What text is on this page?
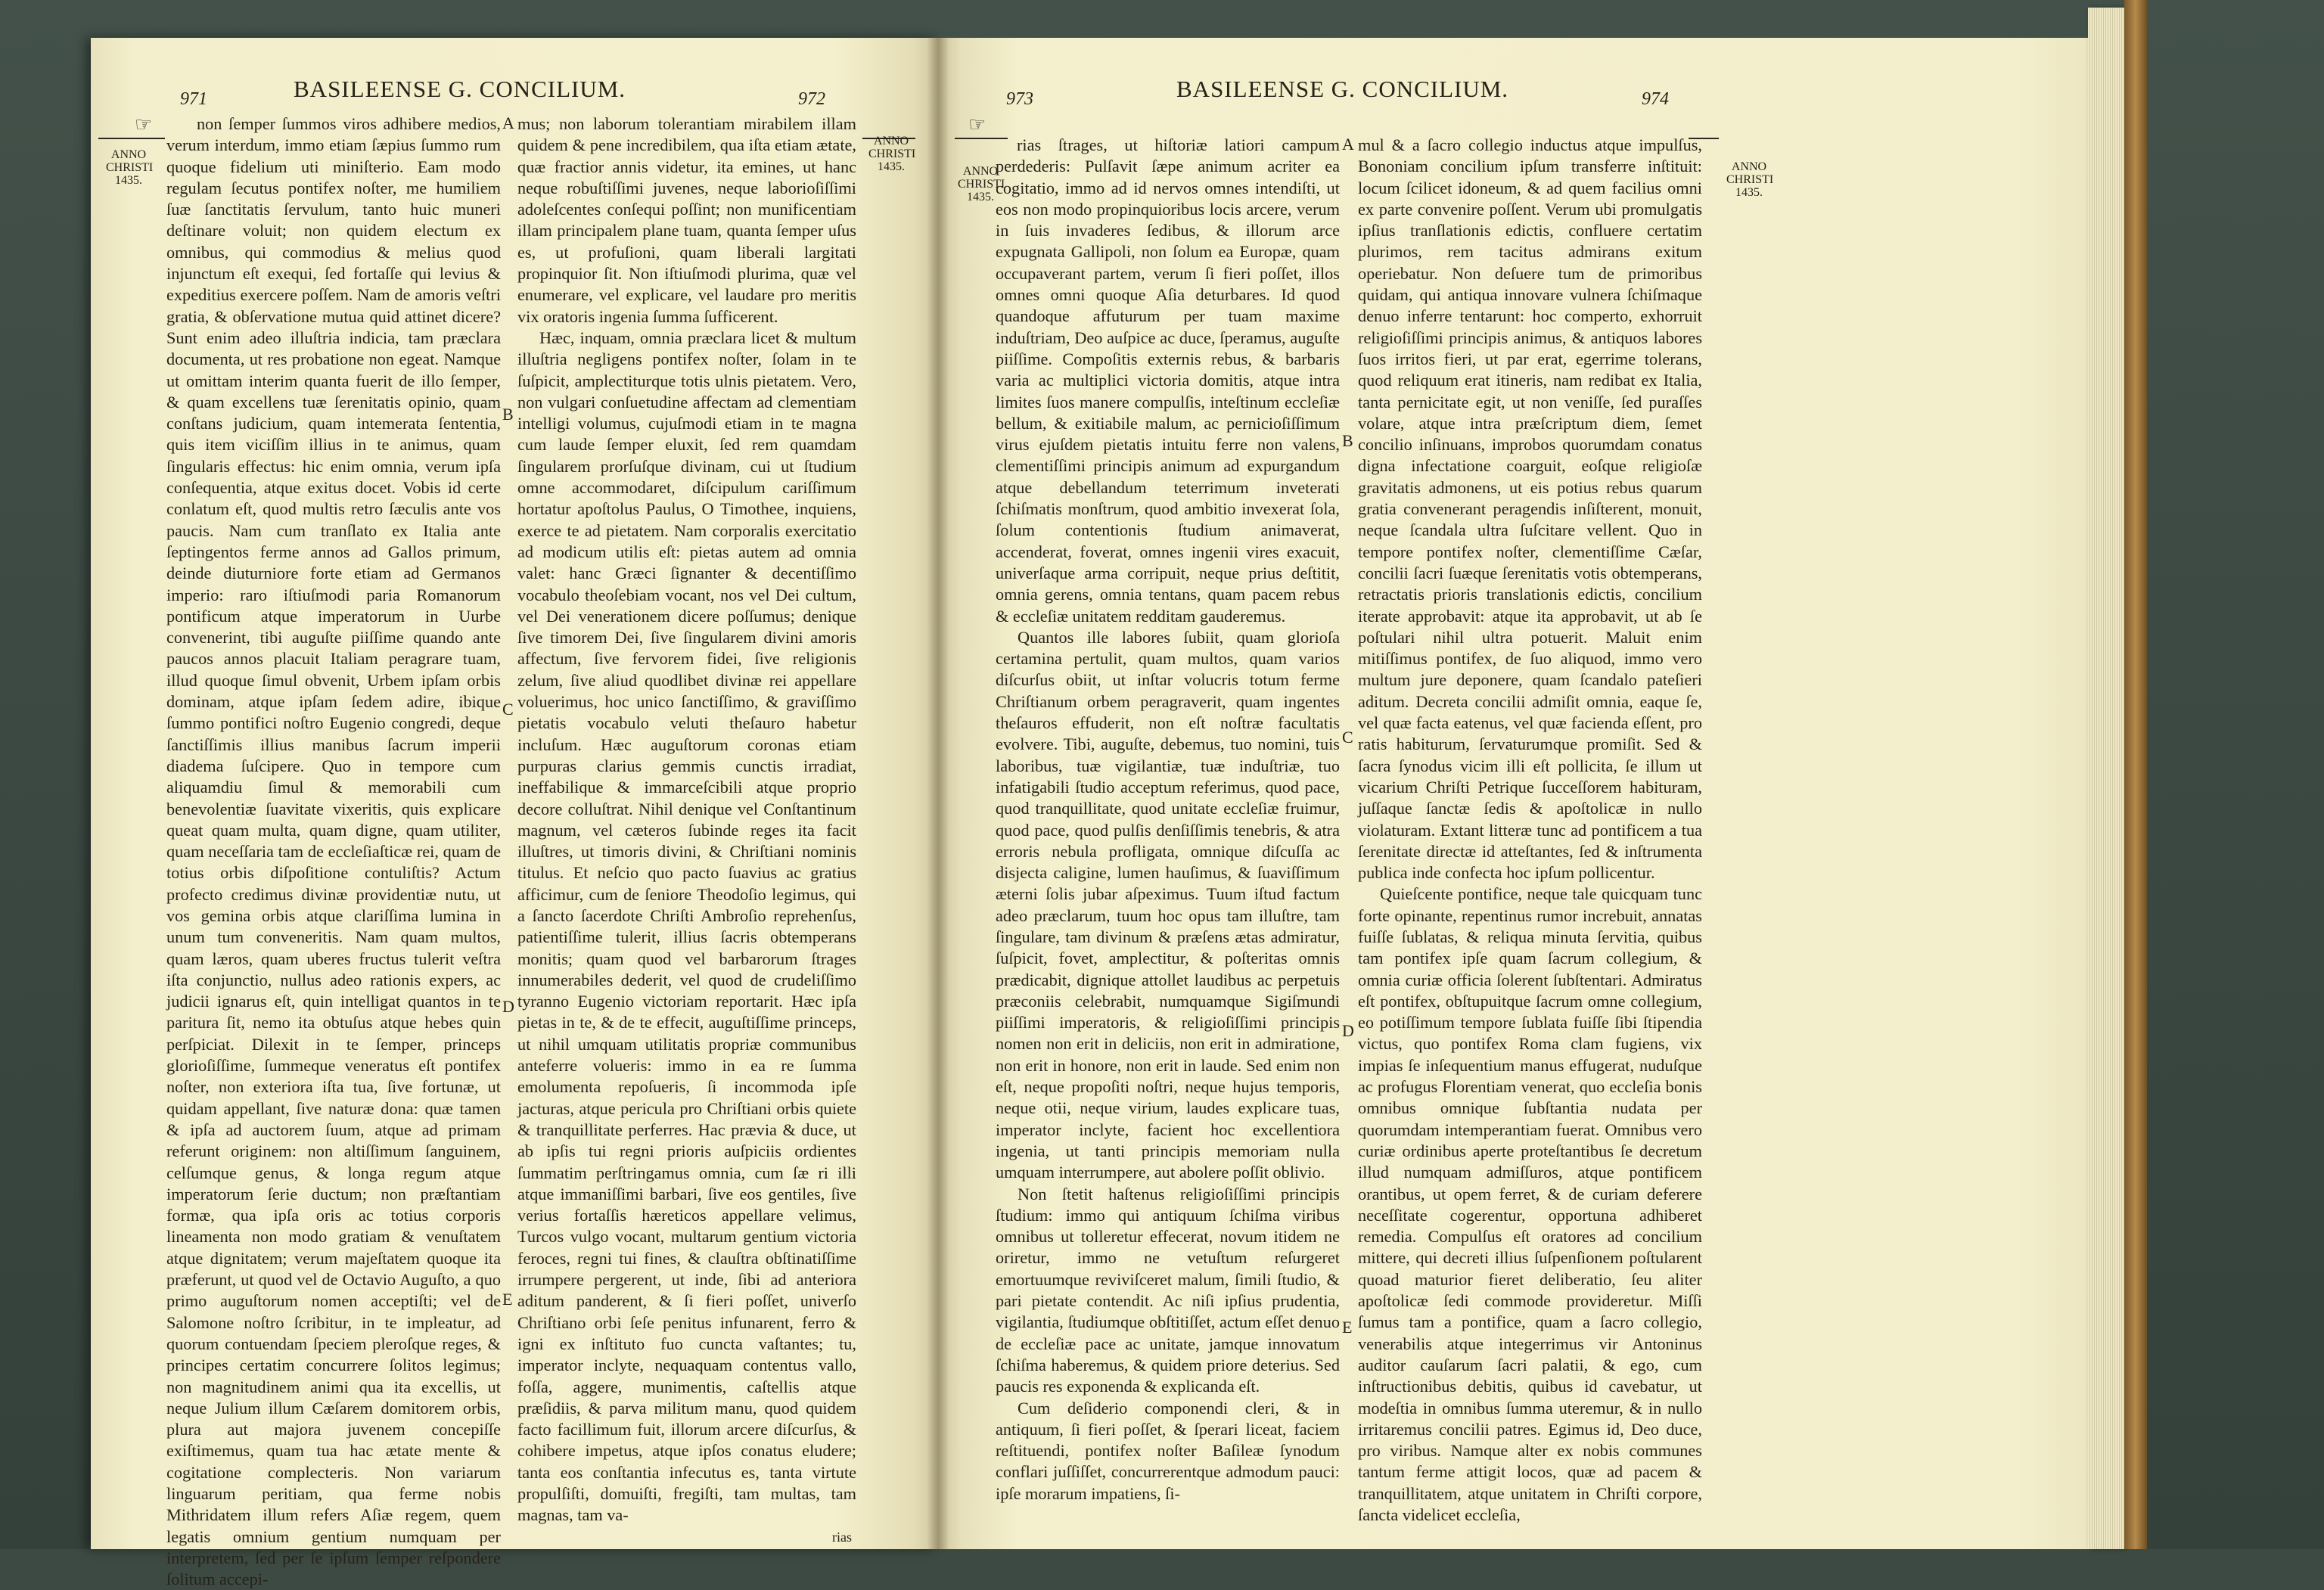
BASILEENSE G. CONCILIUM.
971	972
☞
ANNO
CHRISTI
1435.
ANNO
CHRISTI
1435.

non ſemper ſummos viros adhibere medios, verum interdum, immo etiam ſæpius ſummo rum quoque fidelium uti miniſterio. Eam modo regulam ſecutus pontifex noſter, me humiliem ſuæ ſanctitatis ſervulum, tanto huic muneri deſtinare voluit; non quidem electum ex omnibus, qui commodius & melius quod injunctum eſt exequi, ſed fortaſſe qui levius & expeditius exercere poſſem. Nam de amoris veſtri gratia, & obſervatione mutua quid attinet dicere? Sunt enim adeo illuſtria indicia, tam præclara documenta, ut res probatione non egeat. Namque ut omittam interim quanta fuerit de illo ſemper, & quam excellens tuæ ſerenitatis opinio, quam conſtans judicium, quam intemerata ſententia, quis item viciſſim illius in te animus, quam ſingularis effectus: hic enim omnia, verum ipſa conſequentia, atque exitus docet. Vobis id certe conlatum eſt, quod multis retro ſæculis ante vos paucis. Nam cum tranſlato ex Italia ante ſeptingentos ferme annos ad Gallos primum, deinde diuturniore forte etiam ad Germanos imperio: raro iſtiuſmodi paria Romanorum pontificum atque imperatorum in Uurbe convenerint, tibi auguſte piiſſime quando ante paucos annos placuit Italiam peragrare tuam, illud quoque ſimul obvenit, Urbem ipſam orbis dominam, atque ipſam ſedem adire, ibique ſummo pontifici noſtro Eugenio congredi, deque ſanctiſſimis illius manibus ſacrum imperii diadema ſuſcipere. Quo in tempore cum aliquamdiu ſimul & memorabili cum benevolentiæ ſuavitate vixeritis, quis explicare queat quam multa, quam digne, quam utiliter, quam neceſſaria tam de eccleſiaſticæ rei, quam de totius orbis diſpoſitione contuliſtis? Actum profecto credimus divinæ providentiæ nutu, ut vos gemina orbis atque clariſſima lumina in unum tum conveneritis. Nam quam multos, quam læros, quam uberes fructus tulerit veſtra iſta conjunctio, nullus adeo rationis expers, ac judicii ignarus eſt, quin intelligat quantos in te paritura ſit, nemo ita obtuſus atque hebes quin perſpiciat. Dilexit in te ſemper, princeps glorioſiſſime, ſummeque veneratus eſt pontifex noſter, non exteriora iſta tua, ſive fortunæ, ut quidam appellant, ſive naturæ dona: quæ tamen & ipſa ad auctorem ſuum, atque ad primam referunt originem: non altiſſimum ſanguinem, celſumque genus, & longa regum atque imperatorum ſerie ductum; non præſtantiam formæ, qua ipſa oris ac totius corporis lineamenta non modo gratiam & venuſtatem atque dignitatem; verum majeſtatem quoque ita præferunt, ut quod vel de Octavio Auguſto, a quo primo auguſtorum nomen acceptiſti; vel de Salomone noſtro ſcribitur, in te impleatur, ad quorum contuendam ſpeciem pleroſque reges, & principes certatim concurrere ſolitos legimus; non magnitudinem animi qua ita excellis, ut neque Julium illum Cæſarem domitorem orbis, plura aut majora juvenem concepiſſe exiſtimemus, quam tua hac ætate mente & cogitatione complecteris. Non variarum linguarum peritiam, qua ferme nobis Mithridatem illum refers Aſiæ regem, quem legatis omnium gentium numquam per interpretem, ſed per ſe ipſum ſemper reſpondere ſolitum accepi-

mus; non laborum tolerantiam mirabilem illam quidem & pene incredibilem, qua iſta etiam ætate, quæ fractior annis videtur, ita emines, ut hanc neque robuſtiſſimi juvenes, neque laborioſiſſimi adoleſcentes conſequi poſſint; non munificentiam illam principalem plane tuam, quanta ſemper uſus es, ut profuſioni, quam liberali largitati propinquior ſit. Non iſtiuſmodi plurima, quæ vel enumerare, vel explicare, vel laudare pro meritis vix oratoris ingenia ſumma ſufficerent.

Hæc, inquam, omnia præclara licet & multum illuſtria negligens pontifex noſter, ſolam in te ſuſpicit, amplectiturque totis ulnis pietatem. Vero, non vulgari conſuetudine affectam ad clementiam intelligi volumus, cujuſmodi etiam in te magna cum laude ſemper eluxit, ſed rem quamdam ſingularem prorſuſque divinam, cui ut ſtudium omne accommodaret, diſcipulum cariſſimum hortatur apoſtolus Paulus, O Timothee, inquiens, exerce te ad pietatem. Nam corporalis exercitatio ad modicum utilis eſt: pietas autem ad omnia valet: hanc Græci ſignanter & decentiſſimo vocabulo theoſebiam vocant, nos vel Dei cultum, vel Dei venerationem dicere poſſumus; denique ſive timorem Dei, ſive ſingularem divini amoris affectum, ſive fervorem fidei, ſive religionis zelum, ſive aliud quodlibet divinæ rei appellare voluerimus, hoc unico ſanctiſſimo, & graviſſimo pietatis vocabulo veluti theſauro habetur incluſum. Hæc auguſtorum coronas etiam purpuras clarius gemmis cunctis irradiat, ineffabilique & immarceſcibili atque proprio decore colluſtrat. Nihil denique vel Conſtantinum magnum, vel cæteros ſubinde reges ita facit illuſtres, ut timoris divini, & Chriſtiani nominis titulus. Et neſcio quo pacto ſuavius ac gratius afficimur, cum de ſeniore Theodoſio legimus, qui a ſancto ſacerdote Chriſti Ambroſio reprehenſus, patientiſſime tulerit, illius ſacris obtemperans monitis; quam quod vel barbarorum ſtrages innumerabiles dederit, vel quod de crudeliſſimo tyranno Eugenio victoriam reportarit. Hæc ipſa pietas in te, & de te effecit, auguſtiſſime princeps, ut nihil umquam utilitatis propriæ communibus anteferre volueris: immo in ea re ſumma emolumenta repoſueris, ſi incommoda ipſe jacturas, atque pericula pro Chriſtiani orbis quiete & tranquillitate perferres. Hac prævia & duce, ut ab ipſis tui regni prioris auſpiciis ordientes ſummatim perſtringamus omnia, cum ſæ ri illi atque immaniſſimi barbari, ſive eos gentiles, ſive verius fortaſſis hæreticos appellare velimus, Turcos vulgo vocant, multarum gentium victoria feroces, regni tui fines, & clauſtra obſtinatiſſime irrumpere pergerent, ut inde, ſibi ad anteriora aditum panderent, & ſi fieri poſſet, univerſo Chriſtiano orbi ſeſe penitus infunarent, ferro & igni ex inſtituto fuo cuncta vaſtantes; tu, imperator inclyte, nequaquam contentus vallo, foſſa, aggere, munimentis, caſtellis atque præſidiis, & parva militum manu, quod quidem facto facillimum fuit, illorum arcere diſcurſus, & cohibere impetus, atque ipſos conatus eludere; tanta eos conſtantia infecutus es, tanta virtute propulſiſti, domuiſti, fregiſti, tam multas, tam magnas, tam va-

rias
A
B
C
D
E
BASILEENSE G. CONCILIUM.
973	974
☞
ANNO
CHRISTI
1435.
ANNO
CHRISTI
1435.

rias ſtrages, ut hiſtoriæ latiori campum perdederis: Pulſavit ſæpe animum acriter ea cogitatio, immo ad id nervos omnes intendiſti, ut eos non modo propinquioribus locis arcere, verum in ſuis invaderes ſedibus, & illorum arce expugnata Gallipoli, non ſolum ea Europæ, quam occupaverant partem, verum ſi fieri poſſet, illos omnes omni quoque Aſia deturbares. Id quod quandoque affuturum per tuam maxime induſtriam, Deo auſpice ac duce, ſperamus, auguſte piiſſime. Compoſitis externis rebus, & barbaris varia ac multiplici victoria domitis, atque intra limites ſuos manere compulſis, inteſtinum eccleſiæ bellum, & exitiabile malum, ac pernicioſiſſimum virus ejuſdem pietatis intuitu ferre non valens, clementiſſimi principis animum ad expurgandum atque debellandum teterrimum inveterati ſchiſmatis monſtrum, quod ambitio invexerat ſola, ſolum contentionis ſtudium animaverat, accenderat, foverat, omnes ingenii vires exacuit, univerſaque arma corripuit, neque prius deſtitit, omnia gerens, omnia tentans, quam pacem rebus & eccleſiæ unitatem redditam gauderemus.

Quantos ille labores ſubiit, quam glorioſa certamina pertulit, quam multos, quam varios diſcurſus obiit, ut inſtar volucris totum ferme Chriſtianum orbem peragraverit, quam ingentes theſauros effuderit, non eſt noſtræ facultatis evolvere. Tibi, auguſte, debemus, tuo nomini, tuis laboribus, tuæ vigilantiæ, tuæ induſtriæ, tuo infatigabili ſtudio acceptum referimus, quod pace, quod tranquillitate, quod unitate eccleſiæ fruimur, quod pace, quod pulſis denſiſſimis tenebris, & atra erroris nebula profligata, omnique diſcuſſa ac disjecta caligine, lumen hauſimus, & ſuaviſſimum æterni ſolis jubar aſpeximus. Tuum iſtud factum adeo præclarum, tuum hoc opus tam illuſtre, tam ſingulare, tam divinum & præſens ætas admiratur, ſuſpicit, fovet, amplectitur, & poſteritas omnis prædicabit, dignique attollet laudibus ac perpetuis præconiis celebrabit, numquamque Sigiſmundi piiſſimi imperatoris, & religioſiſſimi principis nomen non erit in deliciis, non erit in admiratione, non erit in honore, non erit in laude. Sed enim non eſt, neque propoſiti noſtri, neque hujus temporis, neque otii, neque virium, laudes explicare tuas, imperator inclyte, facient hoc excellentiora ingenia, ut tanti principis memoriam nulla umquam interrumpere, aut abolere poſſit oblivio.

Non ſtetit haſtenus religioſiſſimi principis ſtudium: immo qui antiquum ſchiſma viribus omnibus ut tolleretur effecerat, novum itidem ne oriretur, immo ne vetuſtum reſurgeret emortuumque reviviſceret malum, ſimili ſtudio, & pari pietate contendit. Ac niſi ipſius prudentia, vigilantia, ſtudiumque obſtitiſſet, actum eſſet denuo de eccleſiæ pace ac unitate, jamque innovatum ſchiſma haberemus, & quidem priore deterius. Sed paucis res exponenda & explicanda eſt.

Cum deſiderio componendi cleri, & in antiquum, ſi fieri poſſet, & ſperari liceat, faciem reſtituendi, pontifex noſter Baſileæ ſynodum conflari juſſiſſet, concurrerentque admodum pauci: ipſe morarum impatiens, ſi-

mul & a ſacro collegio inductus atque impulſus, Bononiam concilium ipſum transferre inſtituit: locum ſcilicet idoneum, & ad quem facilius omni ex parte convenire poſſent. Verum ubi promulgatis ipſius tranſlationis edictis, confluere certatim plurimos, rem tacitus admirans exitum operiebatur. Non deſuere tum de primoribus quidam, qui antiqua innovare vulnera ſchiſmaque denuo inferre tentarunt: hoc comperto, exhorruit religioſiſſimi principis animus, & antiquos labores ſuos irritos fieri, ut par erat, egerrime tolerans, quod reliquum erat itineris, nam redibat ex Italia, tanta pernicitate egit, ut non veniſſe, ſed puraſſes volare, atque intra præſcriptum diem, ſemet concilio inſinuans, improbos quorumdam conatus digna infectatione coarguit, eoſque religioſæ gravitatis admonens, ut eis potius rebus quarum gratia convenerant peragendis inſiſterent, monuit, neque ſcandala ultra ſuſcitare vellent. Quo in tempore pontifex noſter, clementiſſime Cæſar, concilii ſacri ſuæque ſerenitatis votis obtemperans, retractatis prioris translationis edictis, concilium iterate approbavit: atque ita approbavit, ut ab ſe poſtulari nihil ultra potuerit. Maluit enim mitiſſimus pontifex, de ſuo aliquod, immo vero multum jure deponere, quam ſcandalo pateſieri aditum. Decreta concilii admiſit omnia, eaque ſe, vel quæ facta eatenus, vel quæ facienda eſſent, pro ratis habiturum, ſervaturumque promiſit. Sed & ſacra ſynodus vicim illi eſt pollicita, ſe illum ut vicarium Chriſti Petrique ſucceſſorem habituram, juſſaque ſanctæ ſedis & apoſtolicæ in nullo violaturam. Extant litteræ tunc ad pontificem a tua ſerenitate directæ id atteſtantes, ſed & inſtrumenta publica inde confecta hoc ipſum pollicentur.

Quieſcente pontifice, neque tale quicquam tunc forte opinante, repentinus rumor increbuit, annatas fuiſſe ſublatas, & reliqua minuta ſervitia, quibus tam pontifex ipſe quam ſacrum collegium, & omnia curiæ officia ſolerent ſubſtentari. Admiratus eſt pontifex, obſtupuitque ſacrum omne collegium, eo potiſſimum tempore ſublata fuiſſe ſibi ſtipendia victus, quo pontifex Roma clam fugiens, vix impias ſe inſequentium manus effugerat, nuduſque ac profugus Florentiam venerat, quo eccleſia bonis omnibus omnique ſubſtantia nudata per quorumdam intemperantiam fuerat. Omnibus vero curiæ ordinibus aperte proteſtantibus ſe decretum illud numquam admiſſuros, atque pontificem orantibus, ut opem ferret, & de curiam deferere neceſſitate cogerentur, opportuna adhiberet remedia. Compulſus eſt oratores ad concilium mittere, qui decreti illius ſuſpenſionem poſtularent quoad maturior fieret deliberatio, ſeu aliter apoſtolicæ ſedi commode provideretur. Miſſi ſumus tam a pontifice, quam a ſacro collegio, venerabilis atque integerrimus vir Antoninus auditor cauſarum ſacri palatii, & ego, cum inſtructionibus debitis, quibus id cavebatur, ut modeſtia in omnibus ſumma uteremur, & in nullo irritaremus concilii patres. Egimus id, Deo duce, pro viribus. Namque alter ex nobis communes tantum ferme attigit locos, quæ ad pacem & tranquillitatem, atque unitatem in Chriſti corpore, ſancta videlicet eccleſia,

A
B
C
D
E
